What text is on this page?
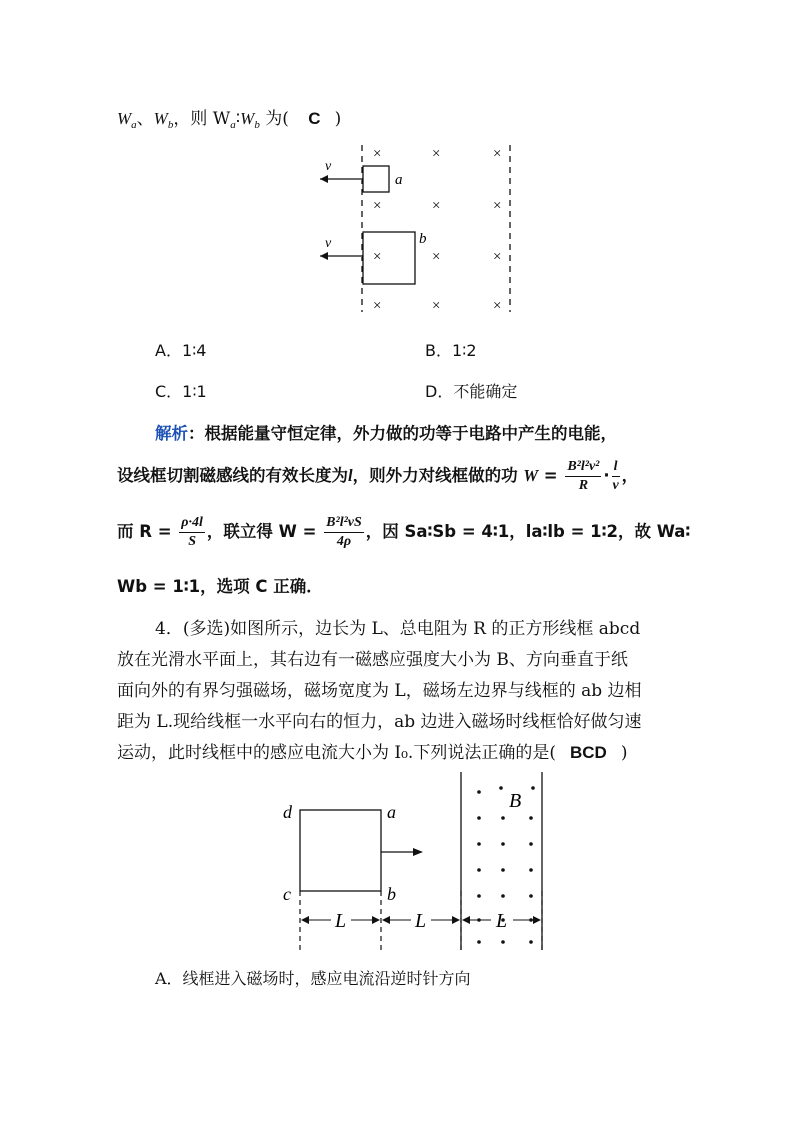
$W_a$、$W_b$，则 $W_a∶W_b$ 为( C )
×	×	×
×
×	×
×	×	×
×	×	×
a
v
b
v
A．1∶4	B．1∶2
C．1∶1	D．不能确定
解析：根据能量守恒定律，外力做的功等于电路中产生的电能，
设线框切割磁感线的有效长度为l，则外力对线框做的功 $W = \frac{\text{B²l²v²}}{R} \cdot \frac{l}{v}$ ，
而 $R = \frac{\rho\cdot 4l}{S}$ ，联立得 $W = \frac{\text{B²l²vS}}{4\rho}$ ，因 Sa∶Sb = 4∶1，la∶lb = 1∶2，故 Wa∶
Wb = 1∶1，选项 C 正确．
4．(多选)如图所示，边长为 L、总电阻为 R 的正方形线框 abcd
放在光滑水平面上，其右边有一磁感应强度大小为 B、方向垂直于纸
面向外的有界匀强磁场，磁场宽度为 L，磁场左边界与线框的 ab 边相
距为 L.现给线框一水平向右的恒力，ab 边进入磁场时线框恰好做匀速
运动，此时线框中的感应电流大小为 I₀.下列说法正确的是( BCD )
d	a
c	b
B
L	L	L
A．线框进入磁场时，感应电流沿逆时针方向
